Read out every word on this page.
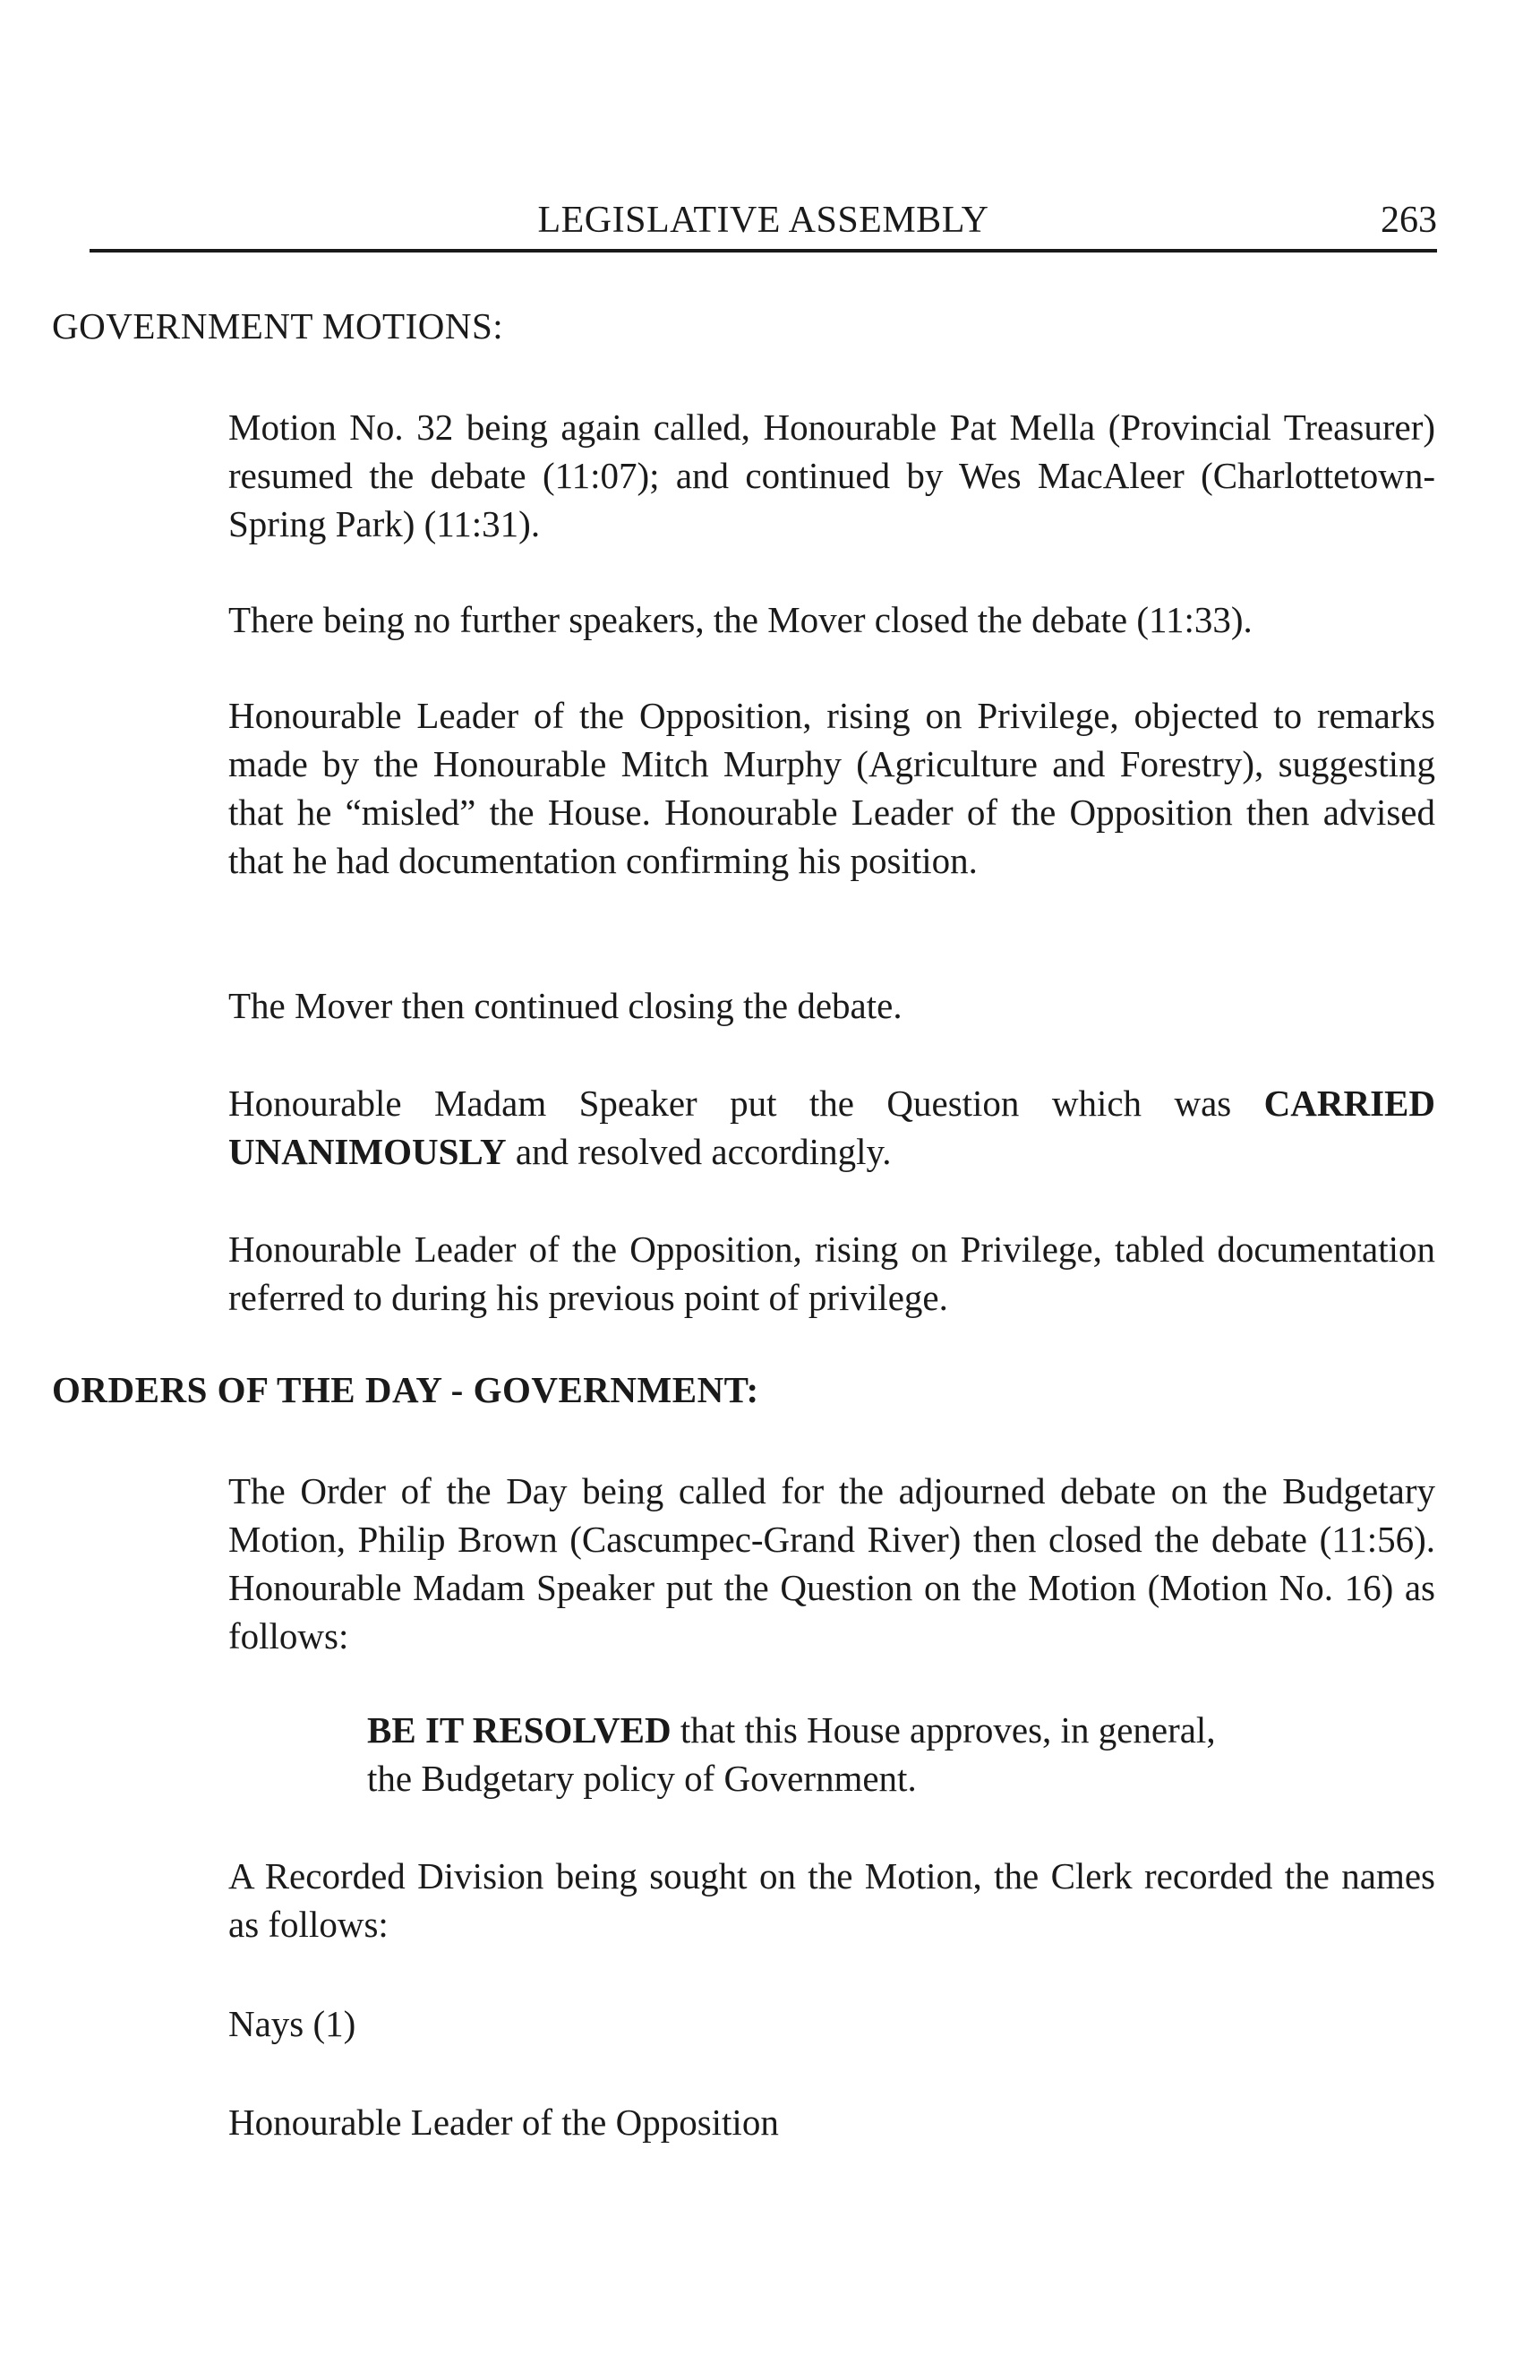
LEGISLATIVE ASSEMBLY	263
GOVERNMENT MOTIONS:
Motion No. 32 being again called, Honourable Pat Mella (Provincial Treasurer) resumed the debate (11:07); and continued by Wes MacAleer (Charlottetown-Spring Park) (11:31).
There being no further speakers, the Mover closed the debate (11:33).
Honourable Leader of the Opposition, rising on Privilege, objected to remarks made by the Honourable Mitch Murphy (Agriculture and Forestry), suggesting that he “misled” the House. Honourable Leader of the Opposition then advised that he had documentation confirming his position.
The Mover then continued closing the debate.
Honourable Madam Speaker put the Question which was CARRIED UNANIMOUSLY and resolved accordingly.
Honourable Leader of the Opposition, rising on Privilege, tabled documentation referred to during his previous point of privilege.
ORDERS OF THE DAY - GOVERNMENT:
The Order of the Day being called for the adjourned debate on the Budgetary Motion, Philip Brown (Cascumpec-Grand River) then closed the debate (11:56). Honourable Madam Speaker put the Question on the Motion (Motion No. 16) as follows:
BE IT RESOLVED that this House approves, in general,
the Budgetary policy of Government.
A Recorded Division being sought on the Motion, the Clerk recorded the names as follows:
Nays (1)
Honourable Leader of the Opposition
